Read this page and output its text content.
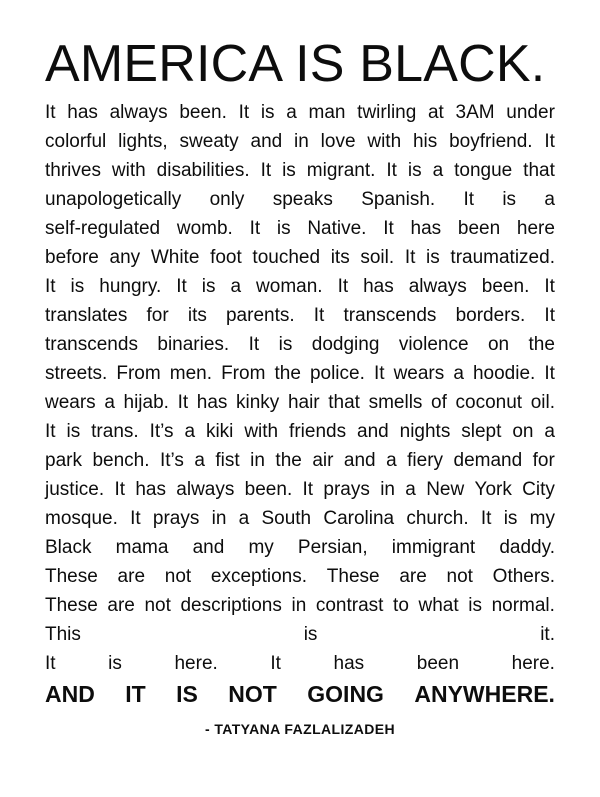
AMERICA IS BLACK.
It has always been. It is a man twirling at 3AM under
colorful lights, sweaty and in love with his boyfriend. It
thrives with disabilities. It is migrant. It is a tongue that
unapologetically only speaks Spanish. It is a
self-regulated womb. It is Native. It has been here
before any White foot touched its soil. It is traumatized.
It is hungry. It is a woman. It has always been. It
translates for its parents. It transcends borders. It
transcends binaries. It is dodging violence on the
streets. From men. From the police. It wears a hoodie. It
wears a hijab. It has kinky hair that smells of coconut oil.
It is trans. It’s a kiki with friends and nights slept on a
park bench. It’s a fist in the air and a fiery demand for
justice. It has always been. It prays in a New York City
mosque. It prays in a South Carolina church. It is my
Black mama and my Persian, immigrant daddy.
These are not exceptions. These are not Others.
These are not descriptions in contrast to what is normal.
This	is	it.
It	is	here.	It	has	been	here.
AND IT IS NOT GOING ANYWHERE.
- TATYANA FAZLALIZADEH
